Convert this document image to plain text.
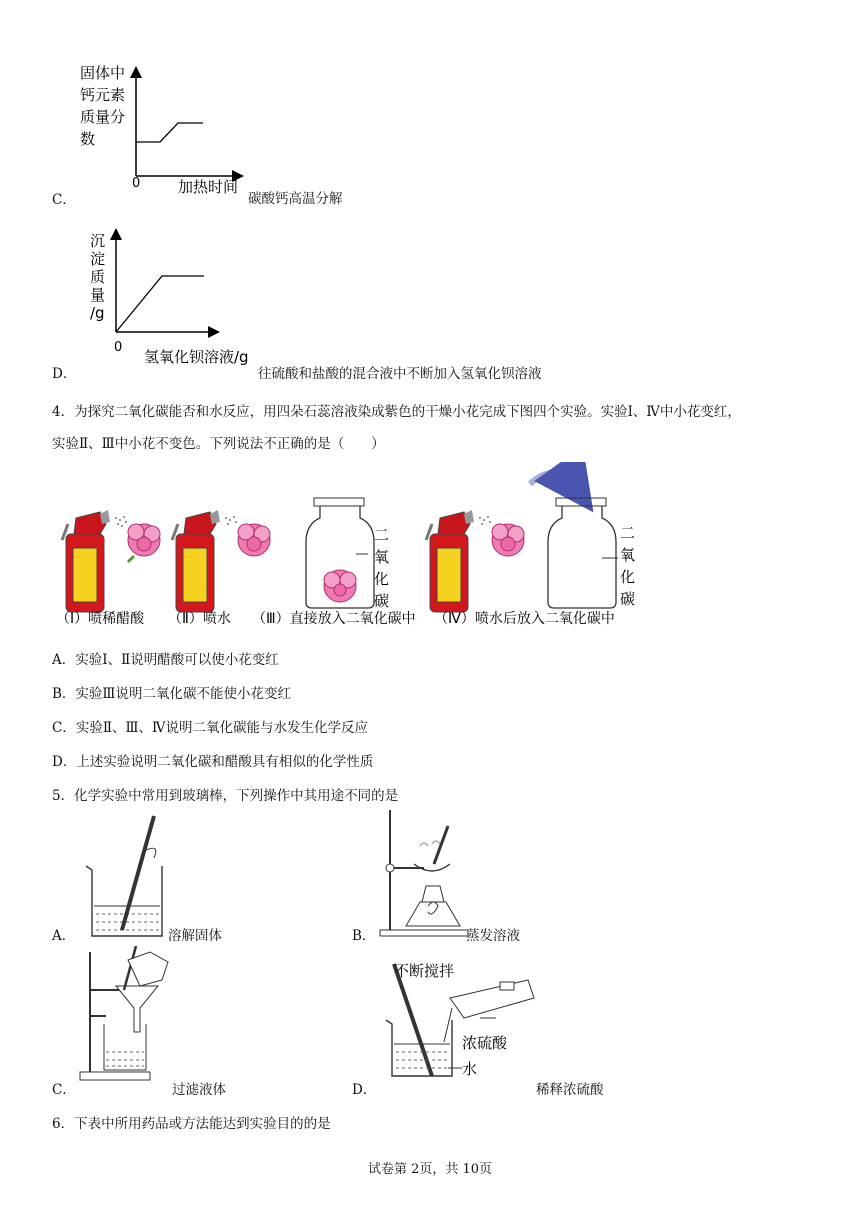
C．
固体中
钙元素
质量分
数
0	加热时间
碳酸钙高温分解
D．
沉
淀
质
量
/g
0
氢氧化钡溶液/g
往硫酸和盐酸的混合液中不断加入氢氧化钡溶液
4．为探究二氧化碳能否和水反应，用四朵石蕊溶液染成紫色的干燥小花完成下图四个实验。实验Ⅰ、Ⅳ中小花变红，
实验Ⅱ、Ⅲ中小花不变色。下列说法不正确的是（　　）
二
氧
化
碳
二
氧
化
碳
（Ⅰ）喷稀醋酸 （Ⅱ）喷水 （Ⅲ）直接放入二氧化碳中 （Ⅳ）喷水后放入二氧化碳中
A．实验Ⅰ、Ⅱ说明醋酸可以使小花变红
B．实验Ⅲ说明二氧化碳不能使小花变红
C．实验Ⅱ、Ⅲ、Ⅳ说明二氧化碳能与水发生化学反应
D．上述实验说明二氧化碳和醋酸具有相似的化学性质
5．化学实验中常用到玻璃棒，下列操作中其用途不同的是
A．	溶解固体	B．	蒸发溶液
C．	过滤液体	D．
不断搅拌
浓硫酸
水
稀释浓硫酸
6．下表中所用药品或方法能达到实验目的的是
试卷第 2页，共 10页
